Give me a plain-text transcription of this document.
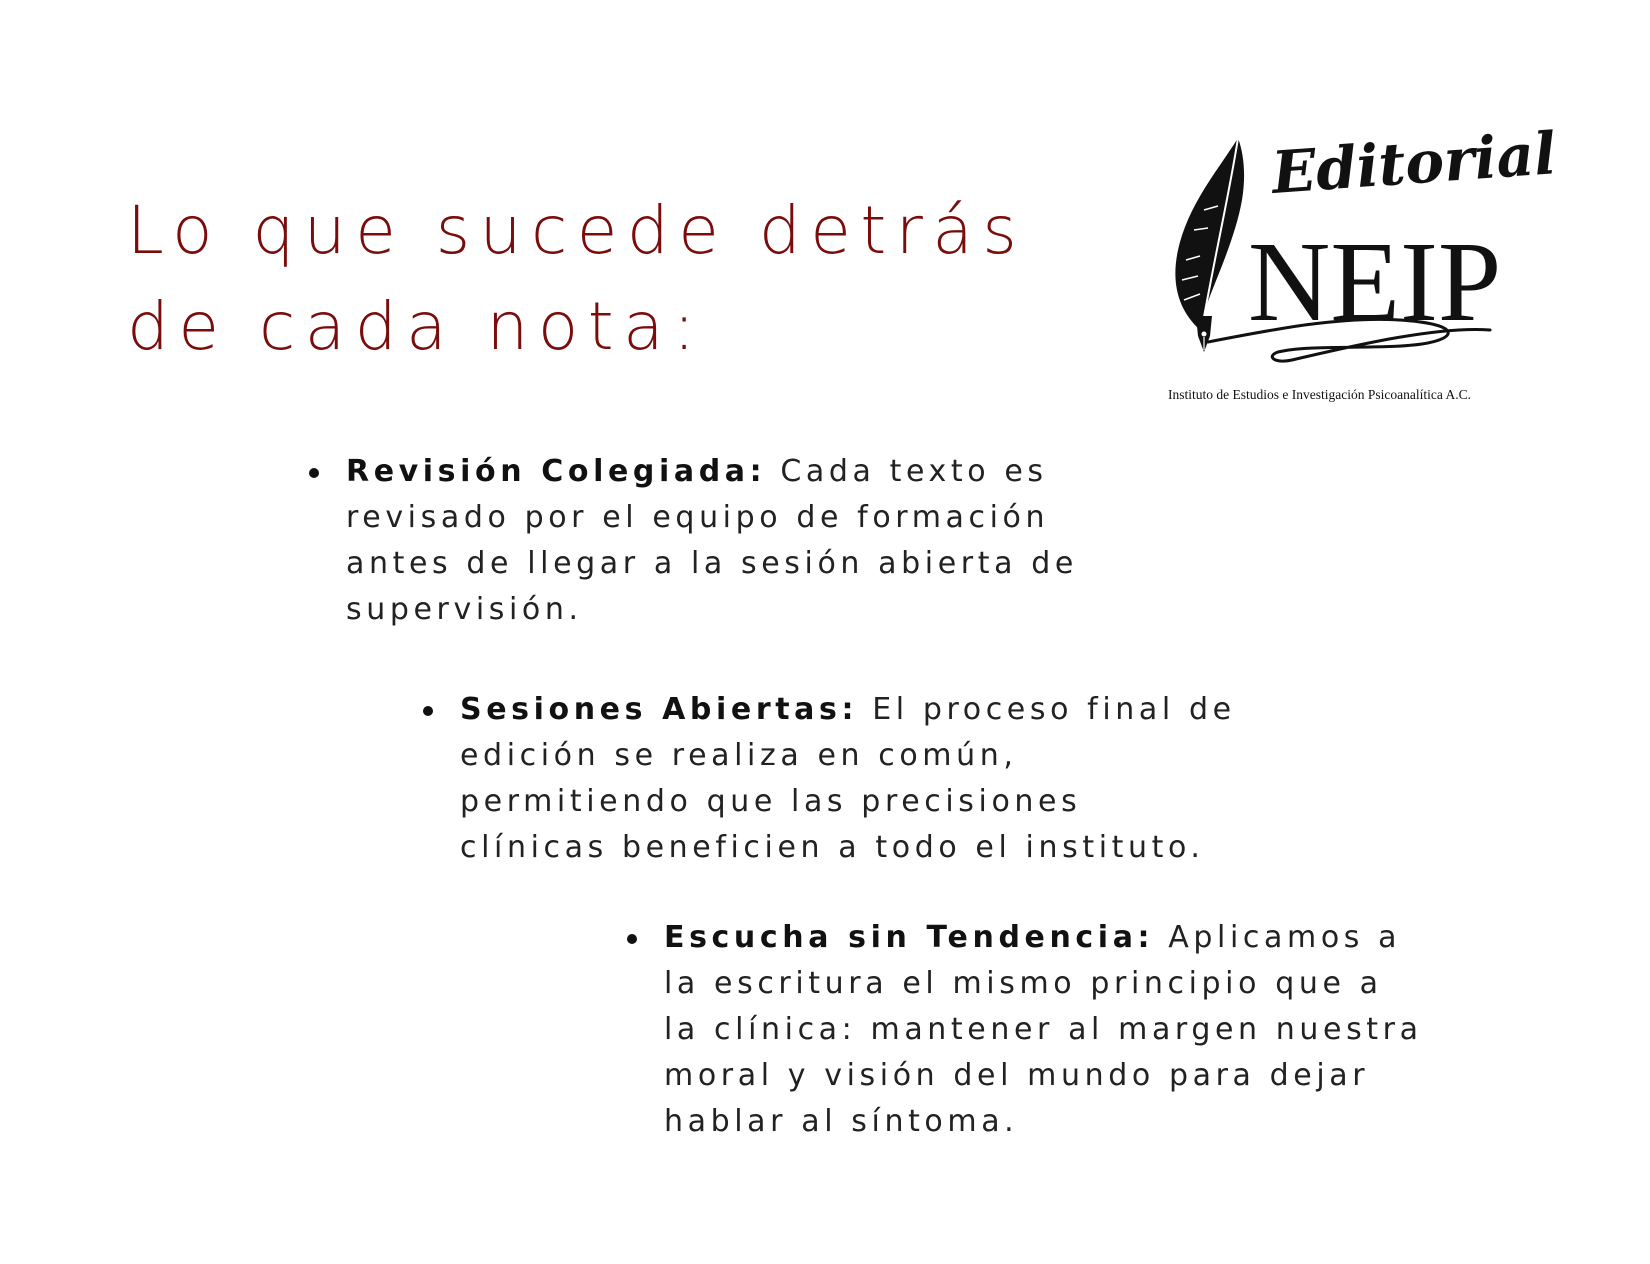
Lo que sucede detrás
de cada nota:
Editorial
NEIP
Instituto de Estudios e Investigación Psicoanalítica A.C.
Revisión Colegiada: Cada texto es
revisado por el equipo de formación
antes de llegar a la sesión abierta de
supervisión.
Sesiones Abiertas: El proceso final de
edición se realiza en común,
permitiendo que las precisiones
clínicas beneficien a todo el instituto.
Escucha sin Tendencia: Aplicamos a
la escritura el mismo principio que a
la clínica: mantener al margen nuestra
moral y visión del mundo para dejar
hablar al síntoma.
